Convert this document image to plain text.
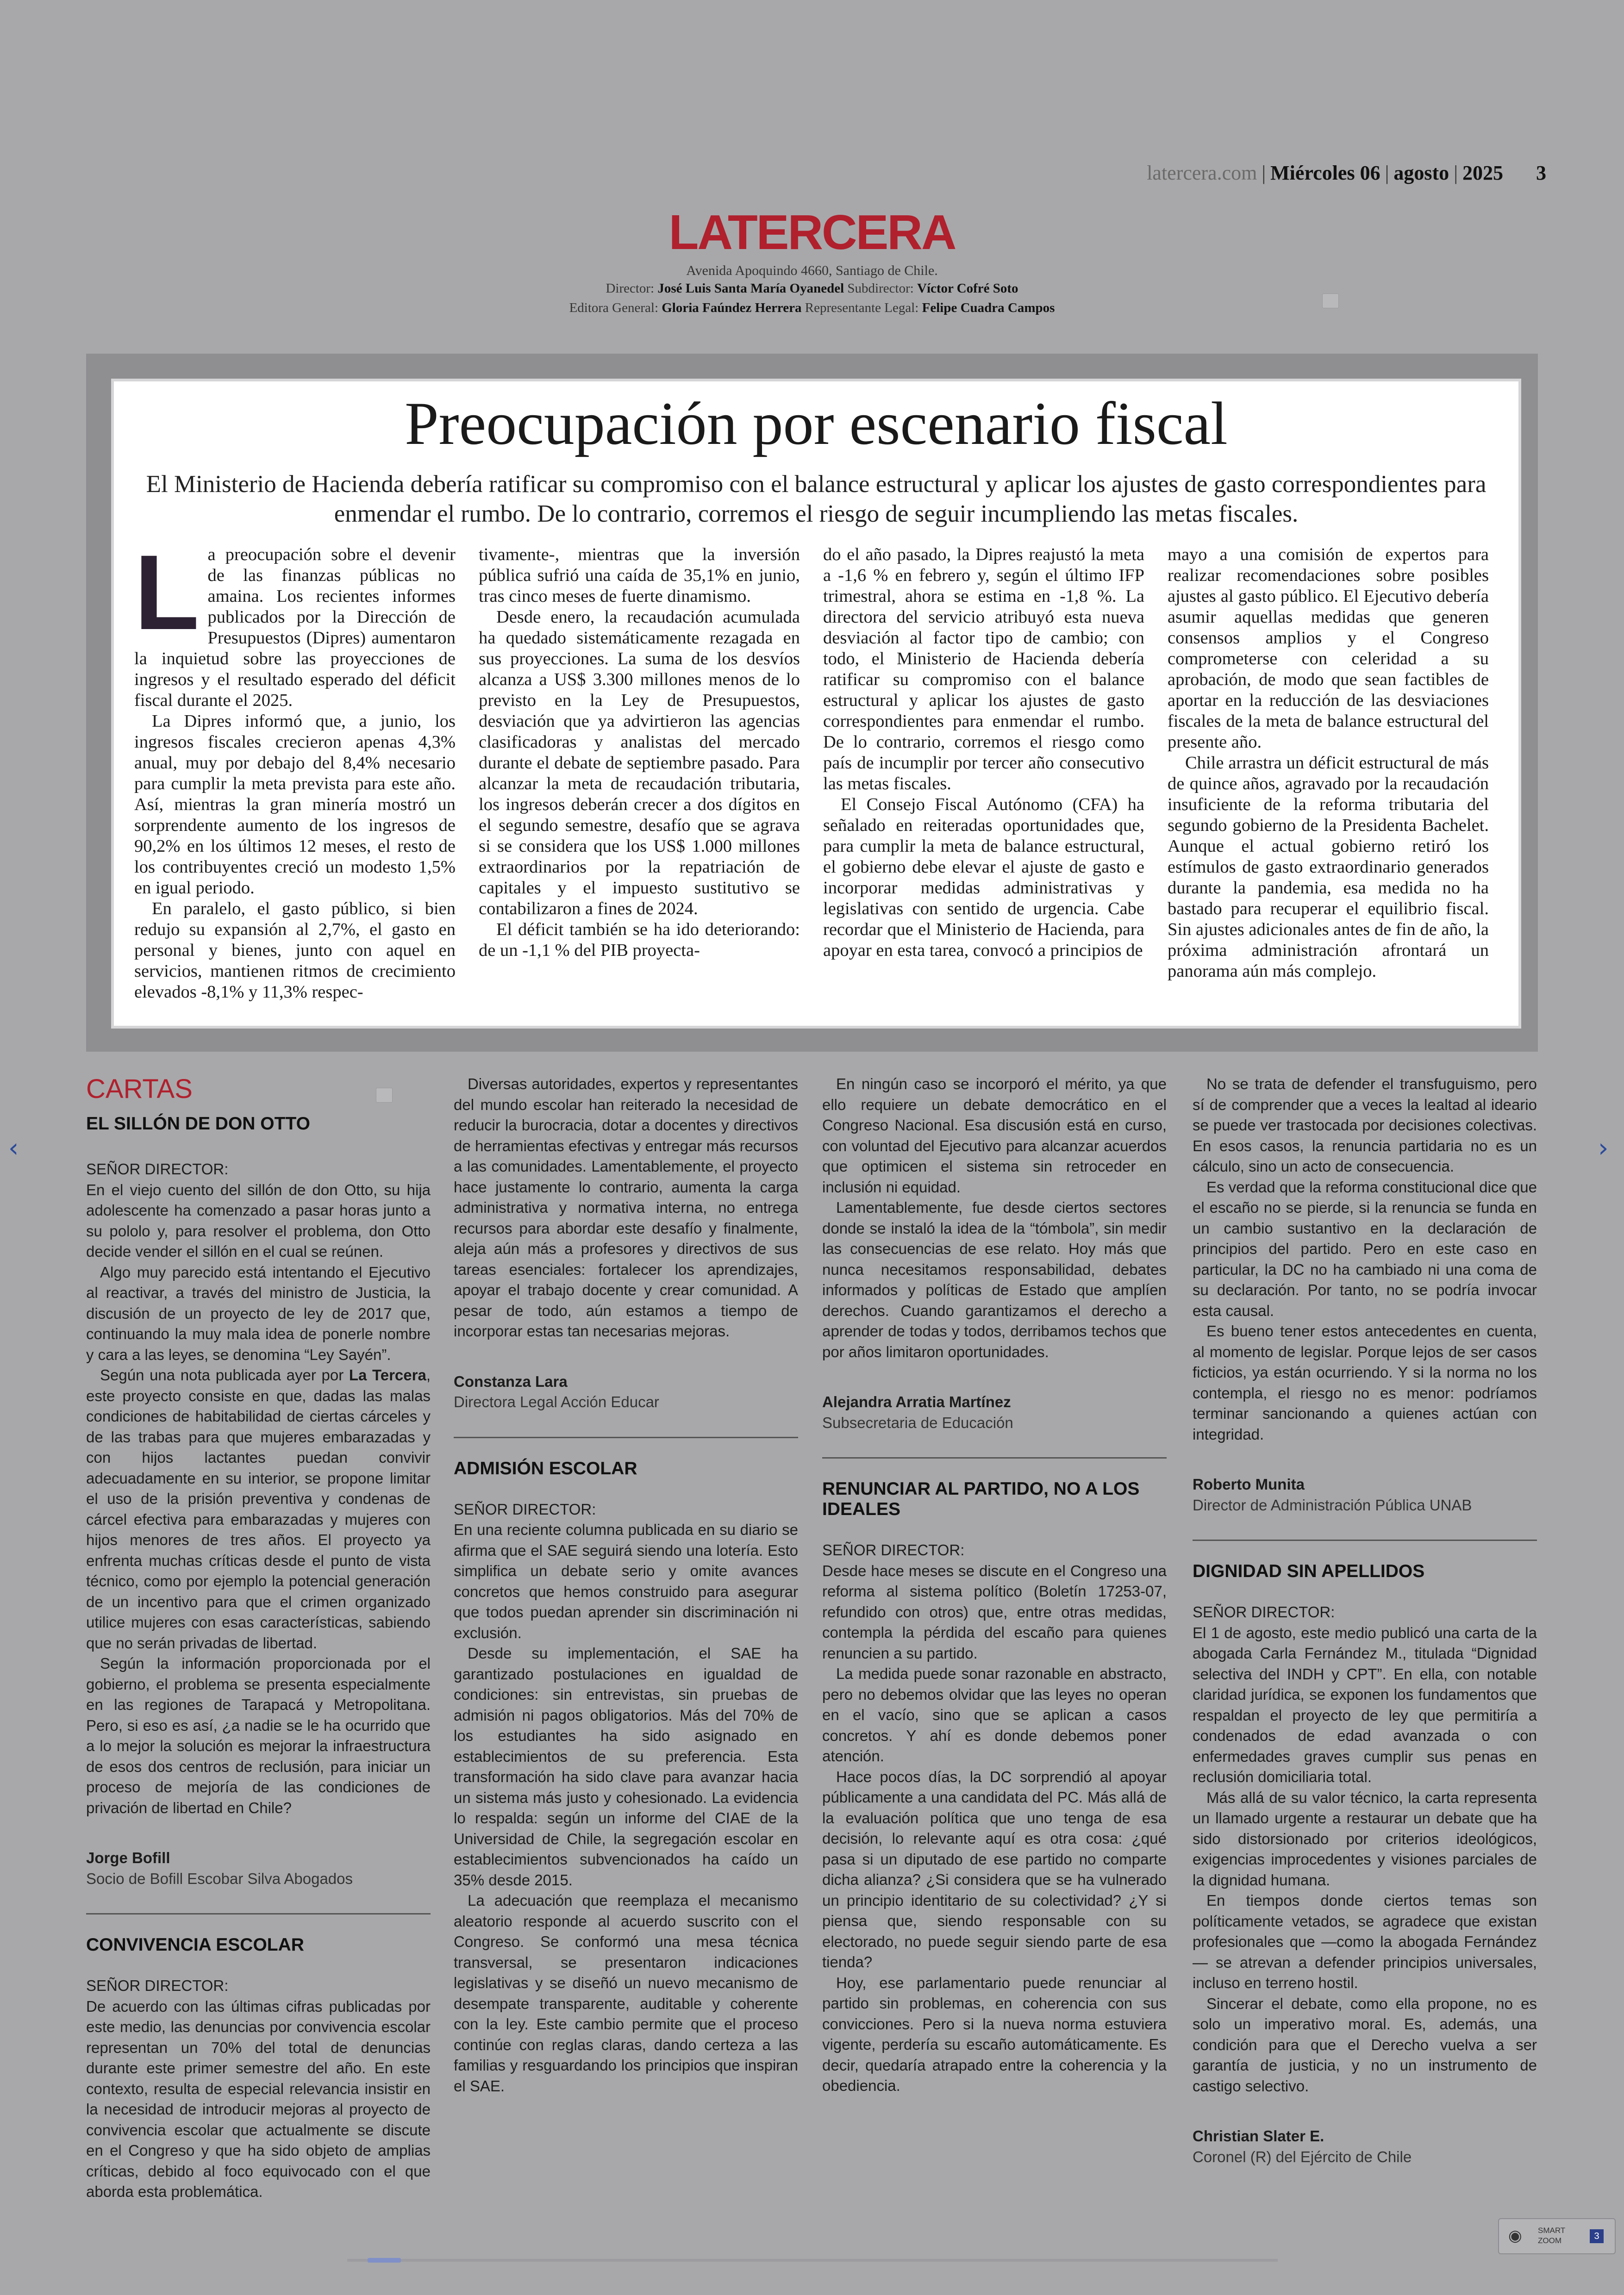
latercera.com | Miércoles 06 | agosto | 2025 3
LATERCERA
Avenida Apoquindo 4660, Santiago de Chile.
Director: José Luis Santa María Oyanedel Subdirector: Víctor Cofré Soto
Editora General: Gloria Faúndez Herrera Representante Legal: Felipe Cuadra Campos
Preocupación por escenario fiscal
El Ministerio de Hacienda debería ratificar su compromiso con el balance estructural y aplicar los ajustes de gasto correspondientes para enmendar el rumbo. De lo contrario, corremos el riesgo de seguir incumpliendo las metas fiscales.

La preocupación sobre el devenir de las finanzas públicas no amaina. Los recientes informes publicados por la Dirección de Presupuestos (Dipres) aumentaron la inquietud sobre las proyecciones de ingresos y el resultado esperado del déficit fiscal durante el 2025.

La Dipres informó que, a junio, los ingresos fiscales crecieron apenas 4,3% anual, muy por debajo del 8,4% necesario para cumplir la meta prevista para este año. Así, mientras la gran minería mostró un sorprendente aumento de los ingresos de 90,2% en los últimos 12 meses, el resto de los contribuyentes creció un modesto 1,5% en igual periodo.

En paralelo, el gasto público, si bien redujo su expansión al 2,7%, el gasto en personal y bienes, junto con aquel en servicios, mantienen ritmos de crecimiento elevados -8,1% y 11,3% respec-

tivamente-, mientras que la inversión pública sufrió una caída de 35,1% en junio, tras cinco meses de fuerte dinamismo.

Desde enero, la recaudación acumulada ha quedado sistemáticamente rezagada en sus proyecciones. La suma de los desvíos alcanza a US$ 3.300 millones menos de lo previsto en la Ley de Presupuestos, desviación que ya advirtieron las agencias clasificadoras y analistas del mercado durante el debate de septiembre pasado. Para alcanzar la meta de recaudación tributaria, los ingresos deberán crecer a dos dígitos en el segundo semestre, desafío que se agrava si se considera que los US$ 1.000 millones extraordinarios por la repatriación de capitales y el impuesto sustitutivo se contabilizaron a fines de 2024.

El déficit también se ha ido deteriorando: de un -1,1 % del PIB proyecta-

do el año pasado, la Dipres reajustó la meta a -1,6 % en febrero y, según el último IFP trimestral, ahora se estima en -1,8 %. La directora del servicio atribuyó esta nueva desviación al factor tipo de cambio; con todo, el Ministerio de Hacienda debería ratificar su compromiso con el balance estructural y aplicar los ajustes de gasto correspondientes para enmendar el rumbo. De lo contrario, corremos el riesgo como país de incumplir por tercer año consecutivo las metas fiscales.

El Consejo Fiscal Autónomo (CFA) ha señalado en reiteradas oportunidades que, para cumplir la meta de balance estructural, el gobierno debe elevar el ajuste de gasto e incorporar medidas administrativas y legislativas con sentido de urgencia. Cabe recordar que el Ministerio de Hacienda, para apoyar en esta tarea, convocó a principios de

mayo a una comisión de expertos para realizar recomendaciones sobre posibles ajustes al gasto público. El Ejecutivo debería asumir aquellas medidas que generen consensos amplios y el Congreso comprometerse con celeridad a su aprobación, de modo que sean factibles de aportar en la reducción de las desviaciones fiscales de la meta de balance estructural del presente año.

Chile arrastra un déficit estructural de más de quince años, agravado por la recaudación insuficiente de la reforma tributaria del segundo gobierno de la Presidenta Bachelet. Aunque el actual gobierno retiró los estímulos de gasto extraordinario generados durante la pandemia, esa medida no ha bastado para recuperar el equilibrio fiscal. Sin ajustes adicionales antes de fin de año, la próxima administración afrontará un panorama aún más complejo.

CARTAS
EL SILLÓN DE DON OTTO

SEÑOR DIRECTOR:

En el viejo cuento del sillón de don Otto, su hija adolescente ha comenzado a pasar horas junto a su pololo y, para resolver el problema, don Otto decide vender el sillón en el cual se reúnen.

Algo muy parecido está intentando el Ejecutivo al reactivar, a través del ministro de Justicia, la discusión de un proyecto de ley de 2017 que, continuando la muy mala idea de ponerle nombre y cara a las leyes, se denomina “Ley Sayén”.

Según una nota publicada ayer por La Tercera, este proyecto consiste en que, dadas las malas condiciones de habitabilidad de ciertas cárceles y de las trabas para que mujeres embarazadas y con hijos lactantes puedan convivir adecuadamente en su interior, se propone limitar el uso de la prisión preventiva y condenas de cárcel efectiva para embarazadas y mujeres con hijos menores de tres años. El proyecto ya enfrenta muchas críticas desde el punto de vista técnico, como por ejemplo la potencial generación de un incentivo para que el crimen organizado utilice mujeres con esas características, sabiendo que no serán privadas de libertad.

Según la información proporcionada por el gobierno, el problema se presenta especialmente en las regiones de Tarapacá y Metropolitana. Pero, si eso es así, ¿a nadie se le ha ocurrido que a lo mejor la solución es mejorar la infraestructura de esos dos centros de reclusión, para iniciar un proceso de mejoría de las condiciones de privación de libertad en Chile?

Jorge Bofill

Socio de Bofill Escobar Silva Abogados

CONVIVENCIA ESCOLAR

SEÑOR DIRECTOR:

De acuerdo con las últimas cifras publicadas por este medio, las denuncias por convivencia escolar representan un 70% del total de denuncias durante este primer semestre del año. En este contexto, resulta de especial relevancia insistir en la necesidad de introducir mejoras al proyecto de convivencia escolar que actualmente se discute en el Congreso y que ha sido objeto de amplias críticas, debido al foco equivocado con el que aborda esta problemática.

Diversas autoridades, expertos y representantes del mundo escolar han reiterado la necesidad de reducir la burocracia, dotar a docentes y directivos de herramientas efectivas y entregar más recursos a las comunidades. Lamentablemente, el proyecto hace justamente lo contrario, aumenta la carga administrativa y normativa interna, no entrega recursos para abordar este desafío y finalmente, aleja aún más a profesores y directivos de sus tareas esenciales: fortalecer los aprendizajes, apoyar el trabajo docente y crear comunidad. A pesar de todo, aún estamos a tiempo de incorporar estas tan necesarias mejoras.

Constanza Lara

Directora Legal Acción Educar

ADMISIÓN ESCOLAR

SEÑOR DIRECTOR:

En una reciente columna publicada en su diario se afirma que el SAE seguirá siendo una lotería. Esto simplifica un debate serio y omite avances concretos que hemos construido para asegurar que todos puedan aprender sin discriminación ni exclusión.

Desde su implementación, el SAE ha garantizado postulaciones en igualdad de condiciones: sin entrevistas, sin pruebas de admisión ni pagos obligatorios. Más del 70% de los estudiantes ha sido asignado en establecimientos de su preferencia. Esta transformación ha sido clave para avanzar hacia un sistema más justo y cohesionado. La evidencia lo respalda: según un informe del CIAE de la Universidad de Chile, la segregación escolar en establecimientos subvencionados ha caído un 35% desde 2015.

La adecuación que reemplaza el mecanismo aleatorio responde al acuerdo suscrito con el Congreso. Se conformó una mesa técnica transversal, se presentaron indicaciones legislativas y se diseñó un nuevo mecanismo de desempate transparente, auditable y coherente con la ley. Este cambio permite que el proceso continúe con reglas claras, dando certeza a las familias y resguardando los principios que inspiran el SAE.

En ningún caso se incorporó el mérito, ya que ello requiere un debate democrático en el Congreso Nacional. Esa discusión está en curso, con voluntad del Ejecutivo para alcanzar acuerdos que optimicen el sistema sin retroceder en inclusión ni equidad.

Lamentablemente, fue desde ciertos sectores donde se instaló la idea de la “tómbola”, sin medir las consecuencias de ese relato. Hoy más que nunca necesitamos responsabilidad, debates informados y políticas de Estado que amplíen derechos. Cuando garantizamos el derecho a aprender de todas y todos, derribamos techos que por años limitaron oportunidades.

Alejandra Arratia Martínez

Subsecretaria de Educación

RENUNCIAR AL PARTIDO, NO A LOS IDEALES

SEÑOR DIRECTOR:

Desde hace meses se discute en el Congreso una reforma al sistema político (Boletín 17253-07, refundido con otros) que, entre otras medidas, contempla la pérdida del escaño para quienes renuncien a su partido.

La medida puede sonar razonable en abstracto, pero no debemos olvidar que las leyes no operan en el vacío, sino que se aplican a casos concretos. Y ahí es donde debemos poner atención.

Hace pocos días, la DC sorprendió al apoyar públicamente a una candidata del PC. Más allá de la evaluación política que uno tenga de esa decisión, lo relevante aquí es otra cosa: ¿qué pasa si un diputado de ese partido no comparte dicha alianza? ¿Si considera que se ha vulnerado un principio identitario de su colectividad? ¿Y si piensa que, siendo responsable con su electorado, no puede seguir siendo parte de esa tienda?

Hoy, ese parlamentario puede renunciar al partido sin problemas, en coherencia con sus convicciones. Pero si la nueva norma estuviera vigente, perdería su escaño automáticamente. Es decir, quedaría atrapado entre la coherencia y la obediencia.

No se trata de defender el transfuguismo, pero sí de comprender que a veces la lealtad al ideario se puede ver trastocada por decisiones colectivas. En esos casos, la renuncia partidaria no es un cálculo, sino un acto de consecuencia.

Es verdad que la reforma constitucional dice que el escaño no se pierde, si la renuncia se funda en un cambio sustantivo en la declaración de principios del partido. Pero en este caso en particular, la DC no ha cambiado ni una coma de su declaración. Por tanto, no se podría invocar esta causal.

Es bueno tener estos antecedentes en cuenta, al momento de legislar. Porque lejos de ser casos ficticios, ya están ocurriendo. Y si la norma no los contempla, el riesgo no es menor: podríamos terminar sancionando a quienes actúan con integridad.

Roberto Munita

Director de Administración Pública UNAB

DIGNIDAD SIN APELLIDOS

SEÑOR DIRECTOR:

El 1 de agosto, este medio publicó una carta de la abogada Carla Fernández M., titulada “Dignidad selectiva del INDH y CPT”. En ella, con notable claridad jurídica, se exponen los fundamentos que respaldan el proyecto de ley que permitiría a condenados de edad avanzada o con enfermedades graves cumplir sus penas en reclusión domiciliaria total.

Más allá de su valor técnico, la carta representa un llamado urgente a restaurar un debate que ha sido distorsionado por criterios ideológicos, exigencias improcedentes y visiones parciales de la dignidad humana.

En tiempos donde ciertos temas son políticamente vetados, se agradece que existan profesionales que —como la abogada Fernández— se atrevan a defender principios universales, incluso en terreno hostil.

Sincerar el debate, como ella propone, no es solo un imperativo moral. Es, además, una condición para que el Derecho vuelva a ser garantía de justicia, y no un instrumento de castigo selectivo.

Christian Slater E.

Coronel (R) del Ejército de Chile

‹	›
◉ SMART
ZOOM	3
